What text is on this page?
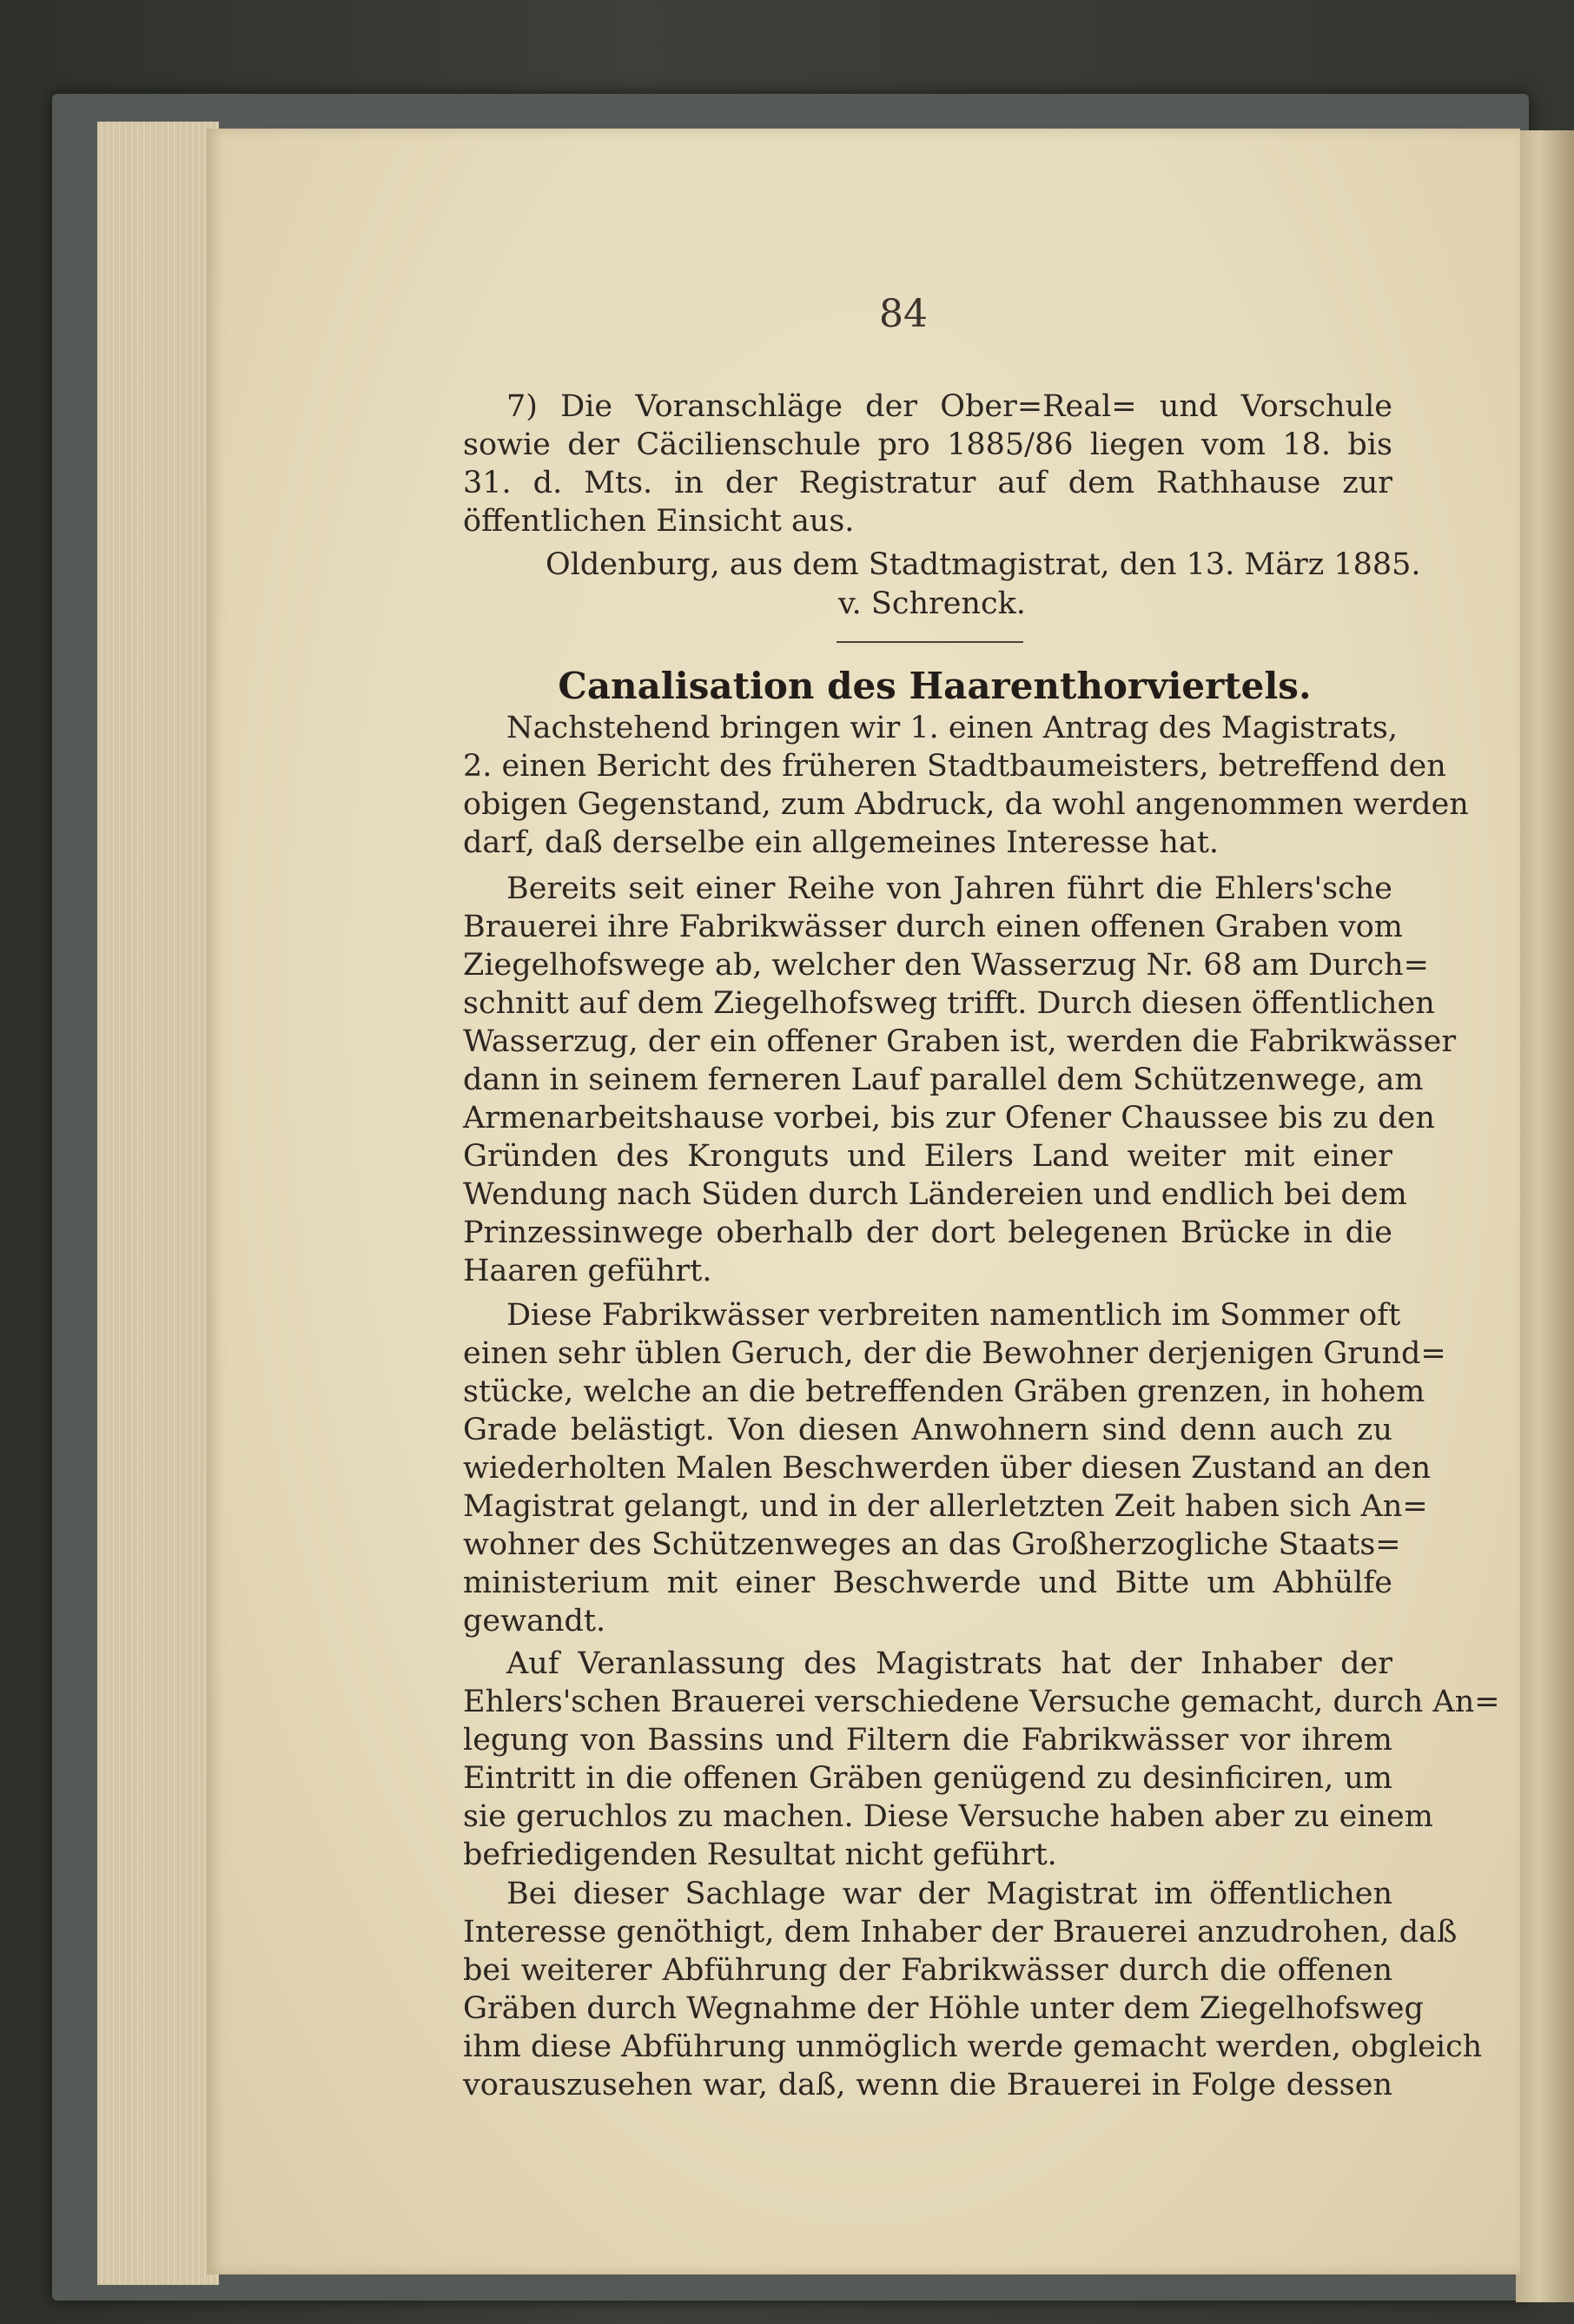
84
7) Die Voranschläge der Ober=Real= und Vorschule
sowie der Cäcilienschule pro 1885/86 liegen vom 18. bis
31. d. Mts. in der Registratur auf dem Rathhause zur
öffentlichen Einsicht aus.
Oldenburg, aus dem Stadtmagistrat, den 13. März 1885.
v. Schrenck.
Canalisation des Haarenthorviertels.
Nachstehend bringen wir 1. einen Antrag des Magistrats,
2. einen Bericht des früheren Stadtbaumeisters, betreffend den
obigen Gegenstand, zum Abdruck, da wohl angenommen werden
darf, daß derselbe ein allgemeines Interesse hat.
Bereits seit einer Reihe von Jahren führt die Ehlers'sche
Brauerei ihre Fabrikwässer durch einen offenen Graben vom
Ziegelhofswege ab, welcher den Wasserzug Nr. 68 am Durch=
schnitt auf dem Ziegelhofsweg trifft. Durch diesen öffentlichen
Wasserzug, der ein offener Graben ist, werden die Fabrikwässer
dann in seinem ferneren Lauf parallel dem Schützenwege, am
Armenarbeitshause vorbei, bis zur Ofener Chaussee bis zu den
Gründen des Kronguts und Eilers Land weiter mit einer
Wendung nach Süden durch Ländereien und endlich bei dem
Prinzessinwege oberhalb der dort belegenen Brücke in die
Haaren geführt.
Diese Fabrikwässer verbreiten namentlich im Sommer oft
einen sehr üblen Geruch, der die Bewohner derjenigen Grund=
stücke, welche an die betreffenden Gräben grenzen, in hohem
Grade belästigt. Von diesen Anwohnern sind denn auch zu
wiederholten Malen Beschwerden über diesen Zustand an den
Magistrat gelangt, und in der allerletzten Zeit haben sich An=
wohner des Schützenweges an das Großherzogliche Staats=
ministerium mit einer Beschwerde und Bitte um Abhülfe
gewandt.
Auf Veranlassung des Magistrats hat der Inhaber der
Ehlers'schen Brauerei verschiedene Versuche gemacht, durch An=
legung von Bassins und Filtern die Fabrikwässer vor ihrem
Eintritt in die offenen Gräben genügend zu desinficiren, um
sie geruchlos zu machen. Diese Versuche haben aber zu einem
befriedigenden Resultat nicht geführt.
Bei dieser Sachlage war der Magistrat im öffentlichen
Interesse genöthigt, dem Inhaber der Brauerei anzudrohen, daß
bei weiterer Abführung der Fabrikwässer durch die offenen
Gräben durch Wegnahme der Höhle unter dem Ziegelhofsweg
ihm diese Abführung unmöglich werde gemacht werden, obgleich
vorauszusehen war, daß, wenn die Brauerei in Folge dessen
